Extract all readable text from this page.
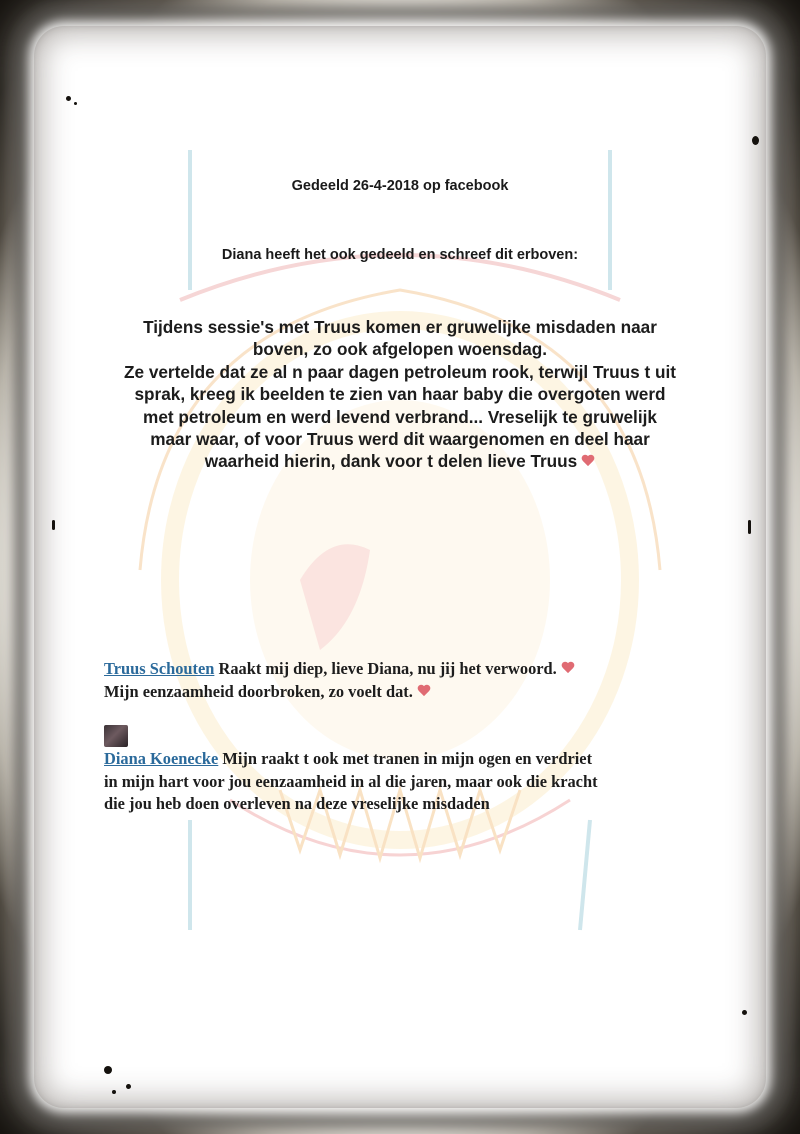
Gedeeld 26-4-2018 op facebook
Diana heeft het ook gedeeld en schreef dit erboven:
Tijdens sessie's met Truus komen er gruwelijke misdaden naar
boven, zo ook afgelopen woensdag.
Ze vertelde dat ze al n paar dagen petroleum rook, terwijl Truus t uit
sprak, kreeg ik beelden te zien van haar baby die overgoten werd
met petroleum en werd levend verbrand... Vreselijk te gruwelijk
maar waar, of voor Truus werd dit waargenomen en deel haar
waarheid hierin, dank voor t delen lieve Truus
Truus Schouten Raakt mij diep, lieve Diana, nu jij het verwoord.
Mijn eenzaamheid doorbroken, zo voelt dat.
Diana Koenecke Mijn raakt t ook met tranen in mijn ogen en verdriet
in mijn hart voor jou eenzaamheid in al die jaren, maar ook die kracht
die jou heb doen overleven na deze vreselijke misdaden
